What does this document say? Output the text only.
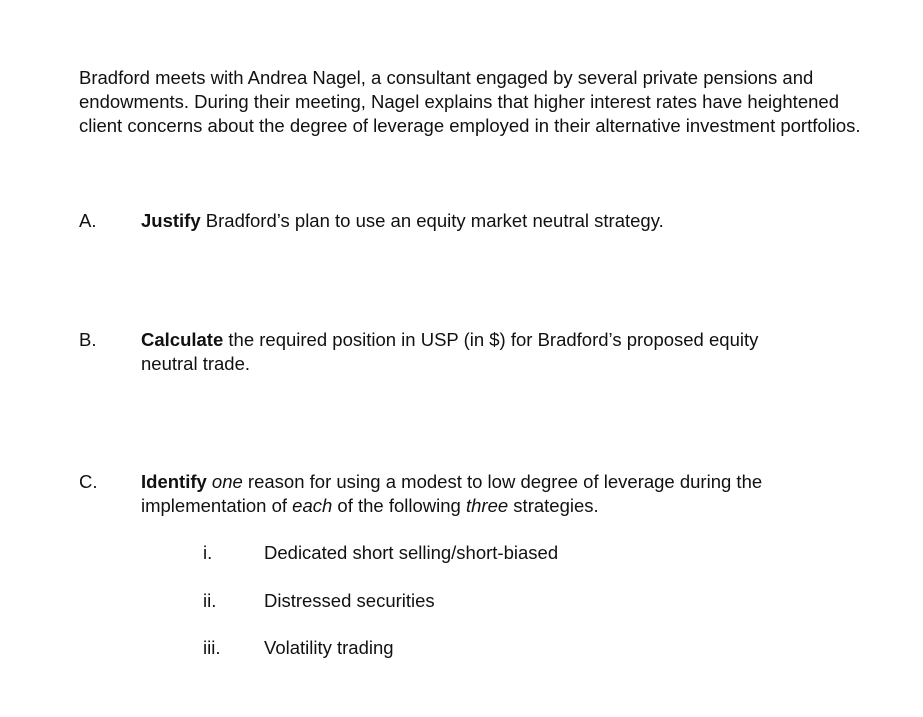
Bradford meets with Andrea Nagel, a consultant engaged by several private pensions and endowments. During their meeting, Nagel explains that higher interest rates have heightened client concerns about the degree of leverage employed in their alternative investment portfolios.

A. Justify Bradford’s plan to use an equity market neutral strategy.

B. Calculate the required position in USP (in $) for Bradford’s proposed equity
neutral trade.

C. Identify one reason for using a modest to low degree of leverage during the
implementation of each of the following three strategies.

i.	Dedicated short selling/short-biased
ii.	Distressed securities
iii. Volatility trading
